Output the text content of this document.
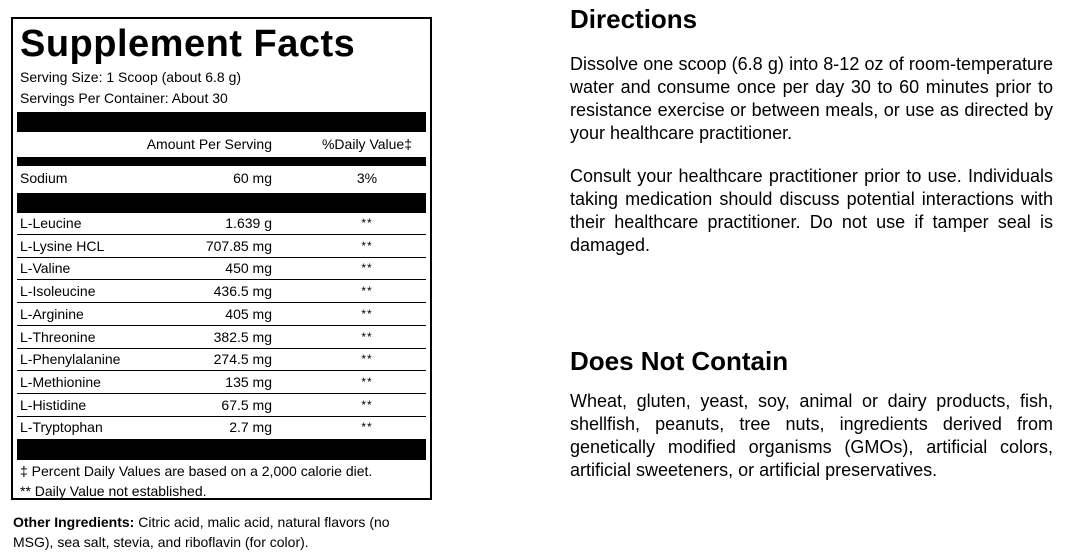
Supplement Facts
Serving Size: 1 Scoop (about 6.8 g)
Servings Per Container: About 30
Amount Per Serving	%Daily Value‡
Sodium	60 mg	3%
L-Leucine	1.639 g	**
L-Lysine HCL	707.85 mg	**
L-Valine	450 mg	**
L-Isoleucine	436.5 mg	**
L-Arginine	405 mg	**
L-Threonine	382.5 mg	**
L-Phenylalanine	274.5 mg	**
L-Methionine	135 mg	**
L-Histidine	67.5 mg	**
L-Tryptophan	2.7 mg	**
‡ Percent Daily Values are based on a 2,000 calorie diet.
** Daily Value not established.
Other Ingredients: Citric acid, malic acid, natural flavors (no MSG), sea salt, stevia, and riboflavin (for color).
Directions
Dissolve one scoop (6.8 g) into 8-12 oz of room-temperature water and consume once per day 30 to 60 minutes prior to resistance exercise or between meals, or use as directed by your healthcare practitioner.
Consult your healthcare practitioner prior to use. Individuals taking medication should discuss potential interactions with their healthcare practitioner. Do not use if tamper seal is damaged.
Does Not Contain
Wheat, gluten, yeast, soy, animal or dairy products, fish, shellfish, peanuts, tree nuts, ingredients derived from genetically modified organisms (GMOs), artificial colors, artificial sweeteners, or artificial preservatives.
